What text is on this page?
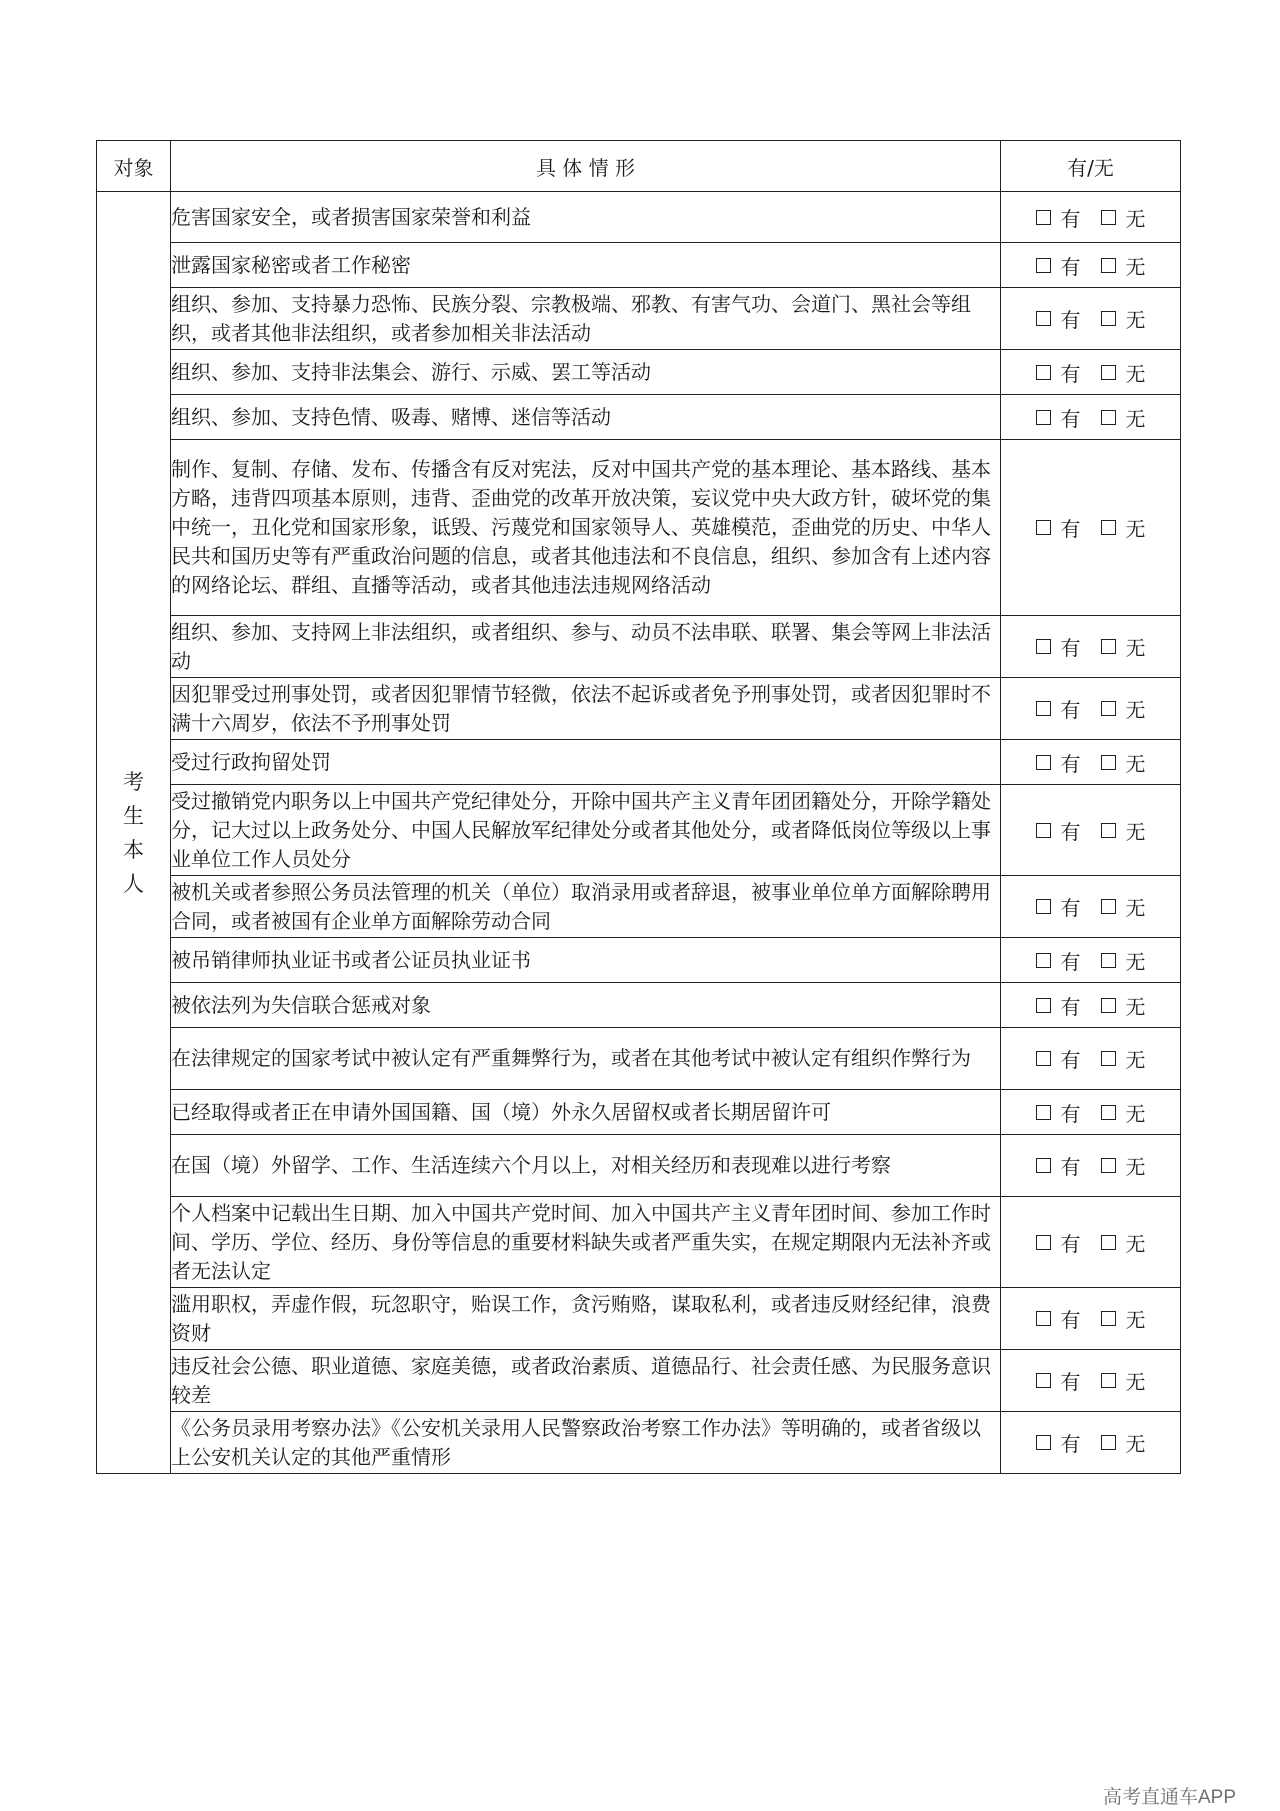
对象	具 体 情 形	有/无
考生本人	危害国家安全，或者损害国家荣誉和利益	有 无

	泄露国家秘密或者工作秘密	有 无

	组织、参加、支持暴力恐怖、民族分裂、宗教极端、邪教、有害气功、会道门、黑社会等组织，或者其他非法组织，或者参加相关非法活动	有 无

	组织、参加、支持非法集会、游行、示威、罢工等活动	有 无

	组织、参加、支持色情、吸毒、赌博、迷信等活动	有 无

	制作、复制、存储、发布、传播含有反对宪法，反对中国共产党的基本理论、基本路线、基本方略，违背四项基本原则，违背、歪曲党的改革开放决策，妄议党中央大政方针，破坏党的集中统一，丑化党和国家形象，诋毁、污蔑党和国家领导人、英雄模范，歪曲党的历史、中华人民共和国历史等有严重政治问题的信息，或者其他违法和不良信息，组织、参加含有上述内容的网络论坛、群组、直播等活动，或者其他违法违规网络活动	有 无

	组织、参加、支持网上非法组织，或者组织、参与、动员不法串联、联署、集会等网上非法活动	有 无

	因犯罪受过刑事处罚，或者因犯罪情节轻微，依法不起诉或者免予刑事处罚，或者因犯罪时不满十六周岁，依法不予刑事处罚	有 无

	受过行政拘留处罚	有 无

	受过撤销党内职务以上中国共产党纪律处分，开除中国共产主义青年团团籍处分，开除学籍处分，记大过以上政务处分、中国人民解放军纪律处分或者其他处分，或者降低岗位等级以上事业单位工作人员处分	有 无

	被机关或者参照公务员法管理的机关（单位）取消录用或者辞退，被事业单位单方面解除聘用合同，或者被国有企业单方面解除劳动合同	有 无

	被吊销律师执业证书或者公证员执业证书	有 无

	被依法列为失信联合惩戒对象	有 无

	在法律规定的国家考试中被认定有严重舞弊行为，或者在其他考试中被认定有组织作弊行为	有 无

	已经取得或者正在申请外国国籍、国（境）外永久居留权或者长期居留许可	有 无

	在国（境）外留学、工作、生活连续六个月以上，对相关经历和表现难以进行考察	有 无

	个人档案中记载出生日期、加入中国共产党时间、加入中国共产主义青年团时间、参加工作时间、学历、学位、经历、身份等信息的重要材料缺失或者严重失实，在规定期限内无法补齐或者无法认定	有 无

	滥用职权，弄虚作假，玩忽职守，贻误工作，贪污贿赂，谋取私利，或者违反财经纪律，浪费资财	有 无

	违反社会公德、职业道德、家庭美德，或者政治素质、道德品行、社会责任感、为民服务意识较差	有 无

	《公务员录用考察办法》《公安机关录用人民警察政治考察工作办法》等明确的，或者省级以上公安机关认定的其他严重情形	有 无
高考直通车APP
